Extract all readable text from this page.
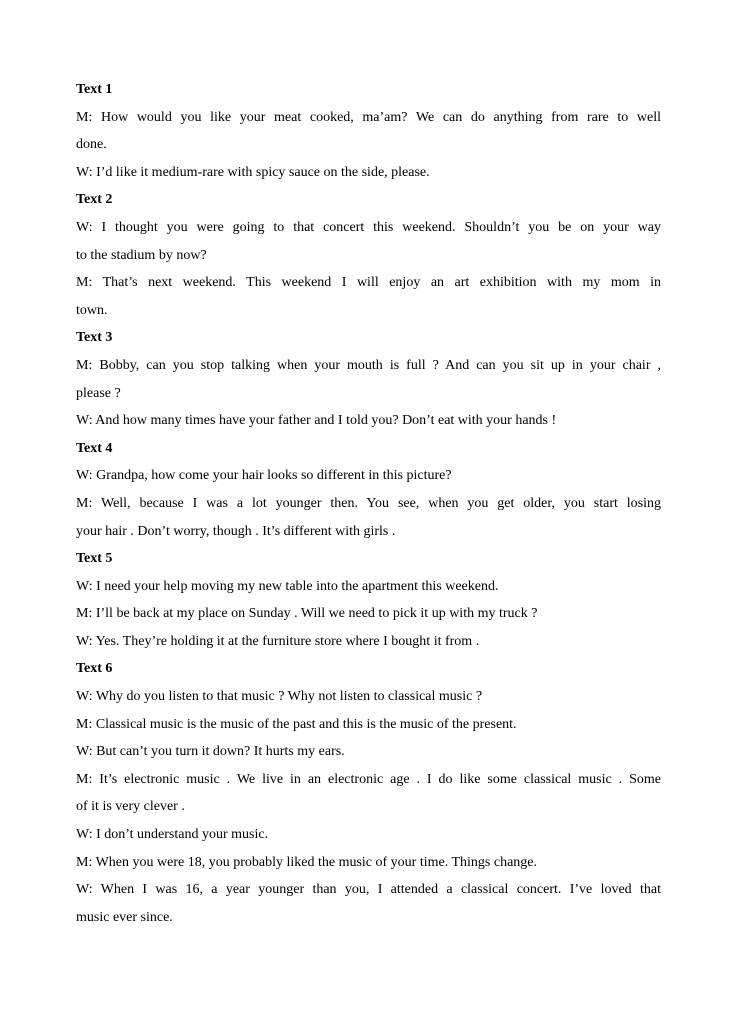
Text 1
M: How would you like your meat cooked, ma’am? We can do anything from rare to well
done.
W: I’d like it medium-rare with spicy sauce on the side, please.
Text 2
W: I thought you were going to that concert this weekend. Shouldn’t you be on your way
to the stadium by now?
M: That’s next weekend. This weekend I will enjoy an art exhibition with my mom in
town.
Text 3
M: Bobby, can you stop talking when your mouth is full ? And can you sit up in your chair ,
please ?
W: And how many times have your father and I told you? Don’t eat with your hands !
Text 4
W: Grandpa, how come your hair looks so different in this picture?
M: Well, because I was a lot younger then. You see, when you get older, you start losing
your hair . Don’t worry, though . It’s different with girls .
Text 5
W: I need your help moving my new table into the apartment this weekend.
M: I’ll be back at my place on Sunday . Will we need to pick it up with my truck ?
W: Yes. They’re holding it at the furniture store where I bought it from .
Text 6
W: Why do you listen to that music ? Why not listen to classical music ?
M: Classical music is the music of the past and this is the music of the present.
W: But can’t you turn it down? It hurts my ears.
M: It’s electronic music . We live in an electronic age . I do like some classical music . Some
of it is very clever .
W: I don’t understand your music.
M: When you were 18, you probably liked the music of your time. Things change.
W: When I was 16, a year younger than you, I attended a classical concert. I’ve loved that
music ever since.
